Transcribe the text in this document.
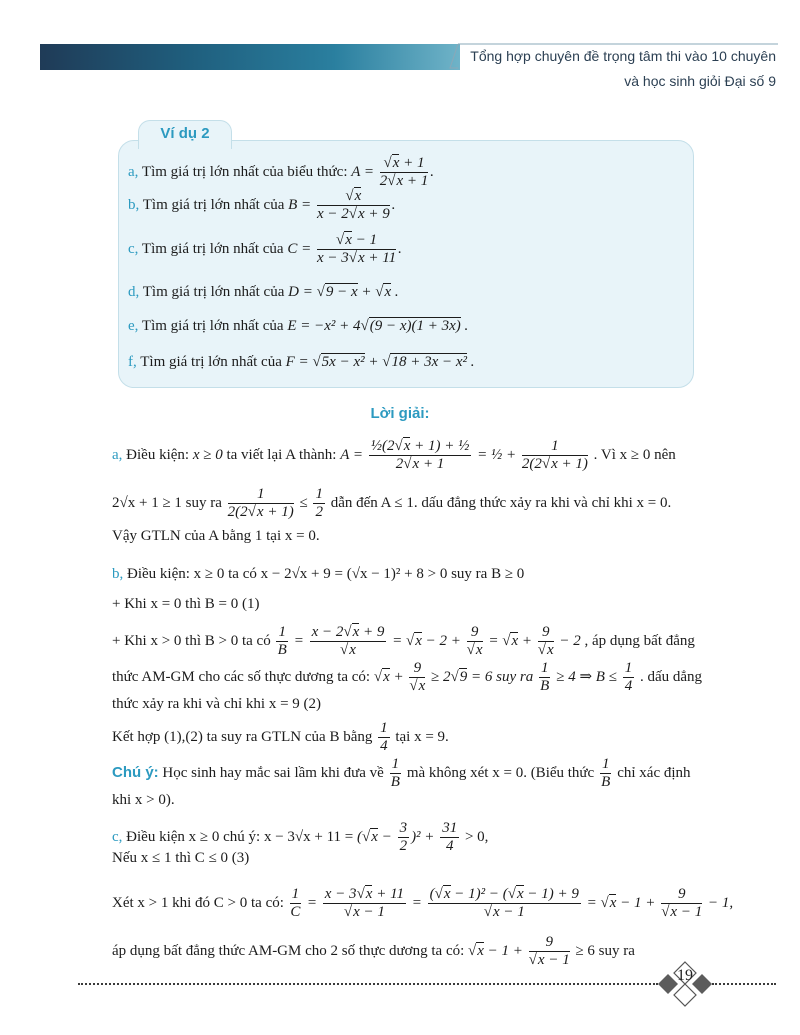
Tổng hợp chuyên đề trọng tâm thi vào 10 chuyên
và học sinh giỏi Đại số 9
Ví dụ 2
a, Tìm giá trị lớn nhất của biểu thức: A =
√ $\frac{x + 1}{2√ x + 1}$ .
b, Tìm giá trị lớn nhất của B =
√ $\frac{x}{x - 2√ x + 9}$ .
c, Tìm giá trị lớn nhất của C =
√ $\frac{x - 1}{x - 3√ x + 11}$ .
d, Tìm giá trị lớn nhất của D = √ 9 − x + √ x .
e, Tìm giá trị lớn nhất của E = −x² + 4√ (9 − x)(1 + 3x) .
f, Tìm giá trị lớn nhất của F = √ 5x − x² + √ 18 + 3x − x² .
Lời giải:
a, Điều kiện: x ≥ 0 ta viết lại A thành: $A = \frac{\text{½(2√ x + 1) + ½}}{2√ x + 1}$ = ½ + $\frac{1}{2(2√ x + 1)}$ . Vì x ≥ 0 nên
2√x + 1 ≥ 1 suy ra $\frac{1}{2(2√ x + 1)} \le \frac{1}{2}$ dẫn đến A ≤ 1. dấu đẳng thức xảy ra khi và chỉ khi x = 0.
Vậy GTLN của A bằng 1 tại x = 0.
b, Điều kiện: x ≥ 0 ta có x − 2√x + 9 = (√x − 1)² + 8 > 0 suy ra B ≥ 0
+ Khi x = 0 thì B = 0 (1)
+ Khi x > 0 thì B > 0 ta có $\frac{1}{B} = x - 2√$ x + 9
√ x = √ x − 2 + 9
√ x = √ x + 9
√ x − 2 , áp dụng bất đẳng
thức AM-GM cho các số thực dương ta có: √ x + 9
√ x ≥ 2√ 9 = 6 suy ra $\frac{1}{B} \ge 4$ ⇒ $B \le \frac{1}{4}$ . dấu dẳng
thức xảy ra khi và chỉ khi x = 9 (2)
Kết hợp (1),(2) ta suy ra GTLN của B bằng $\frac{1}{4}$ tại x = 9.
Chú ý: Học sinh hay mắc sai lầm khi đưa về $\frac{1}{B}$ mà không xét x = 0. (Biểu thức $\frac{1}{B}$ chỉ xác định
khi x > 0).
c, Điều kiện x ≥ 0 chú ý: x − 3√x + 11 = (√ $x - \frac{3}{2} )^2 + \frac{31}{4} > 0$,
Nếu x ≤ 1 thì C ≤ 0 (3)
Xét x > 1 khi đó C > 0 ta có: $\frac{1}{C} = x - 3√$ x + 11
√ x − 1 = (√ x − 1)² − (√ x − 1) + 9
√ x − 1 = √ x − 1 + 9
√ x − 1 − 1,
áp dụng bất đẳng thức AM-GM cho 2 số thực dương ta có: √ x − 1 + 9
√ x − 1 ≥ 6 suy ra
19
